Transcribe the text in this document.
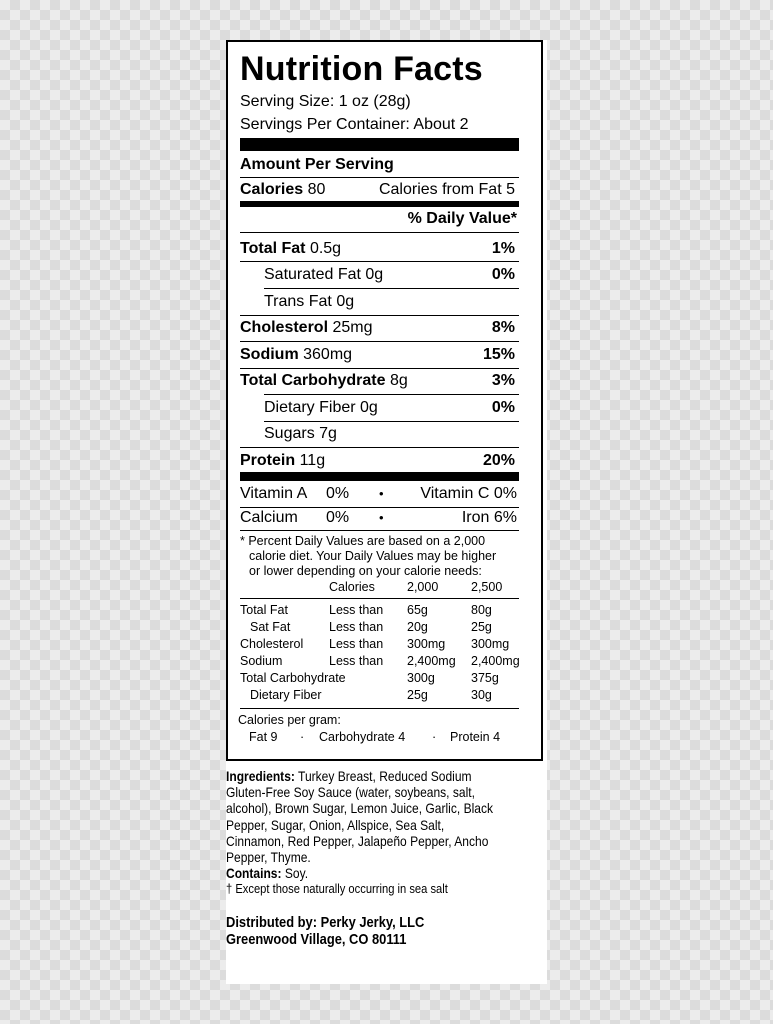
Nutrition Facts
Serving Size: 1 oz (28g)
Servings Per Container: About 2
Amount Per Serving
Calories 80	Calories from Fat 5
% Daily Value*
Total Fat 0.5g	1%
Saturated Fat 0g	0%
Trans Fat 0g
Cholesterol 25mg	8%
Sodium 360mg	15%
Total Carbohydrate 8g	3%
Dietary Fiber 0g	0%
Sugars 7g
Protein 11g	20%
Vitamin A 0% • Vitamin C 0%
Calcium 0% •	Iron 6%
* Percent Daily Values are based on a 2,000
calorie diet. Your Daily Values may be higher
or lower depending on your calorie needs:
Calories	2,000	2,500
Total Fat	Less than 65g	80g
Sat Fat	Less than 20g	25g
Cholesterol Less than 300mg 300mg
Sodium	Less than 2,400mg 2,400mg
Total Carbohydrate	300g	375g
Dietary Fiber	25g	30g
Calories per gram:
Fat 9 · Carbohydrate 4 · Protein 4

Ingredients: Turkey Breast, Reduced Sodium Gluten-Free Soy Sauce (water, soybeans, salt, alcohol), Brown Sugar, Lemon Juice, Garlic, Black Pepper, Sugar, Onion, Allspice, Sea Salt, Cinnamon, Red Pepper, Jalapeño Pepper, Ancho Pepper, Thyme.

Contains: Soy.

† Except those naturally occurring in sea salt

Distributed by: Perky Jerky, LLC

Greenwood Village, CO 80111
